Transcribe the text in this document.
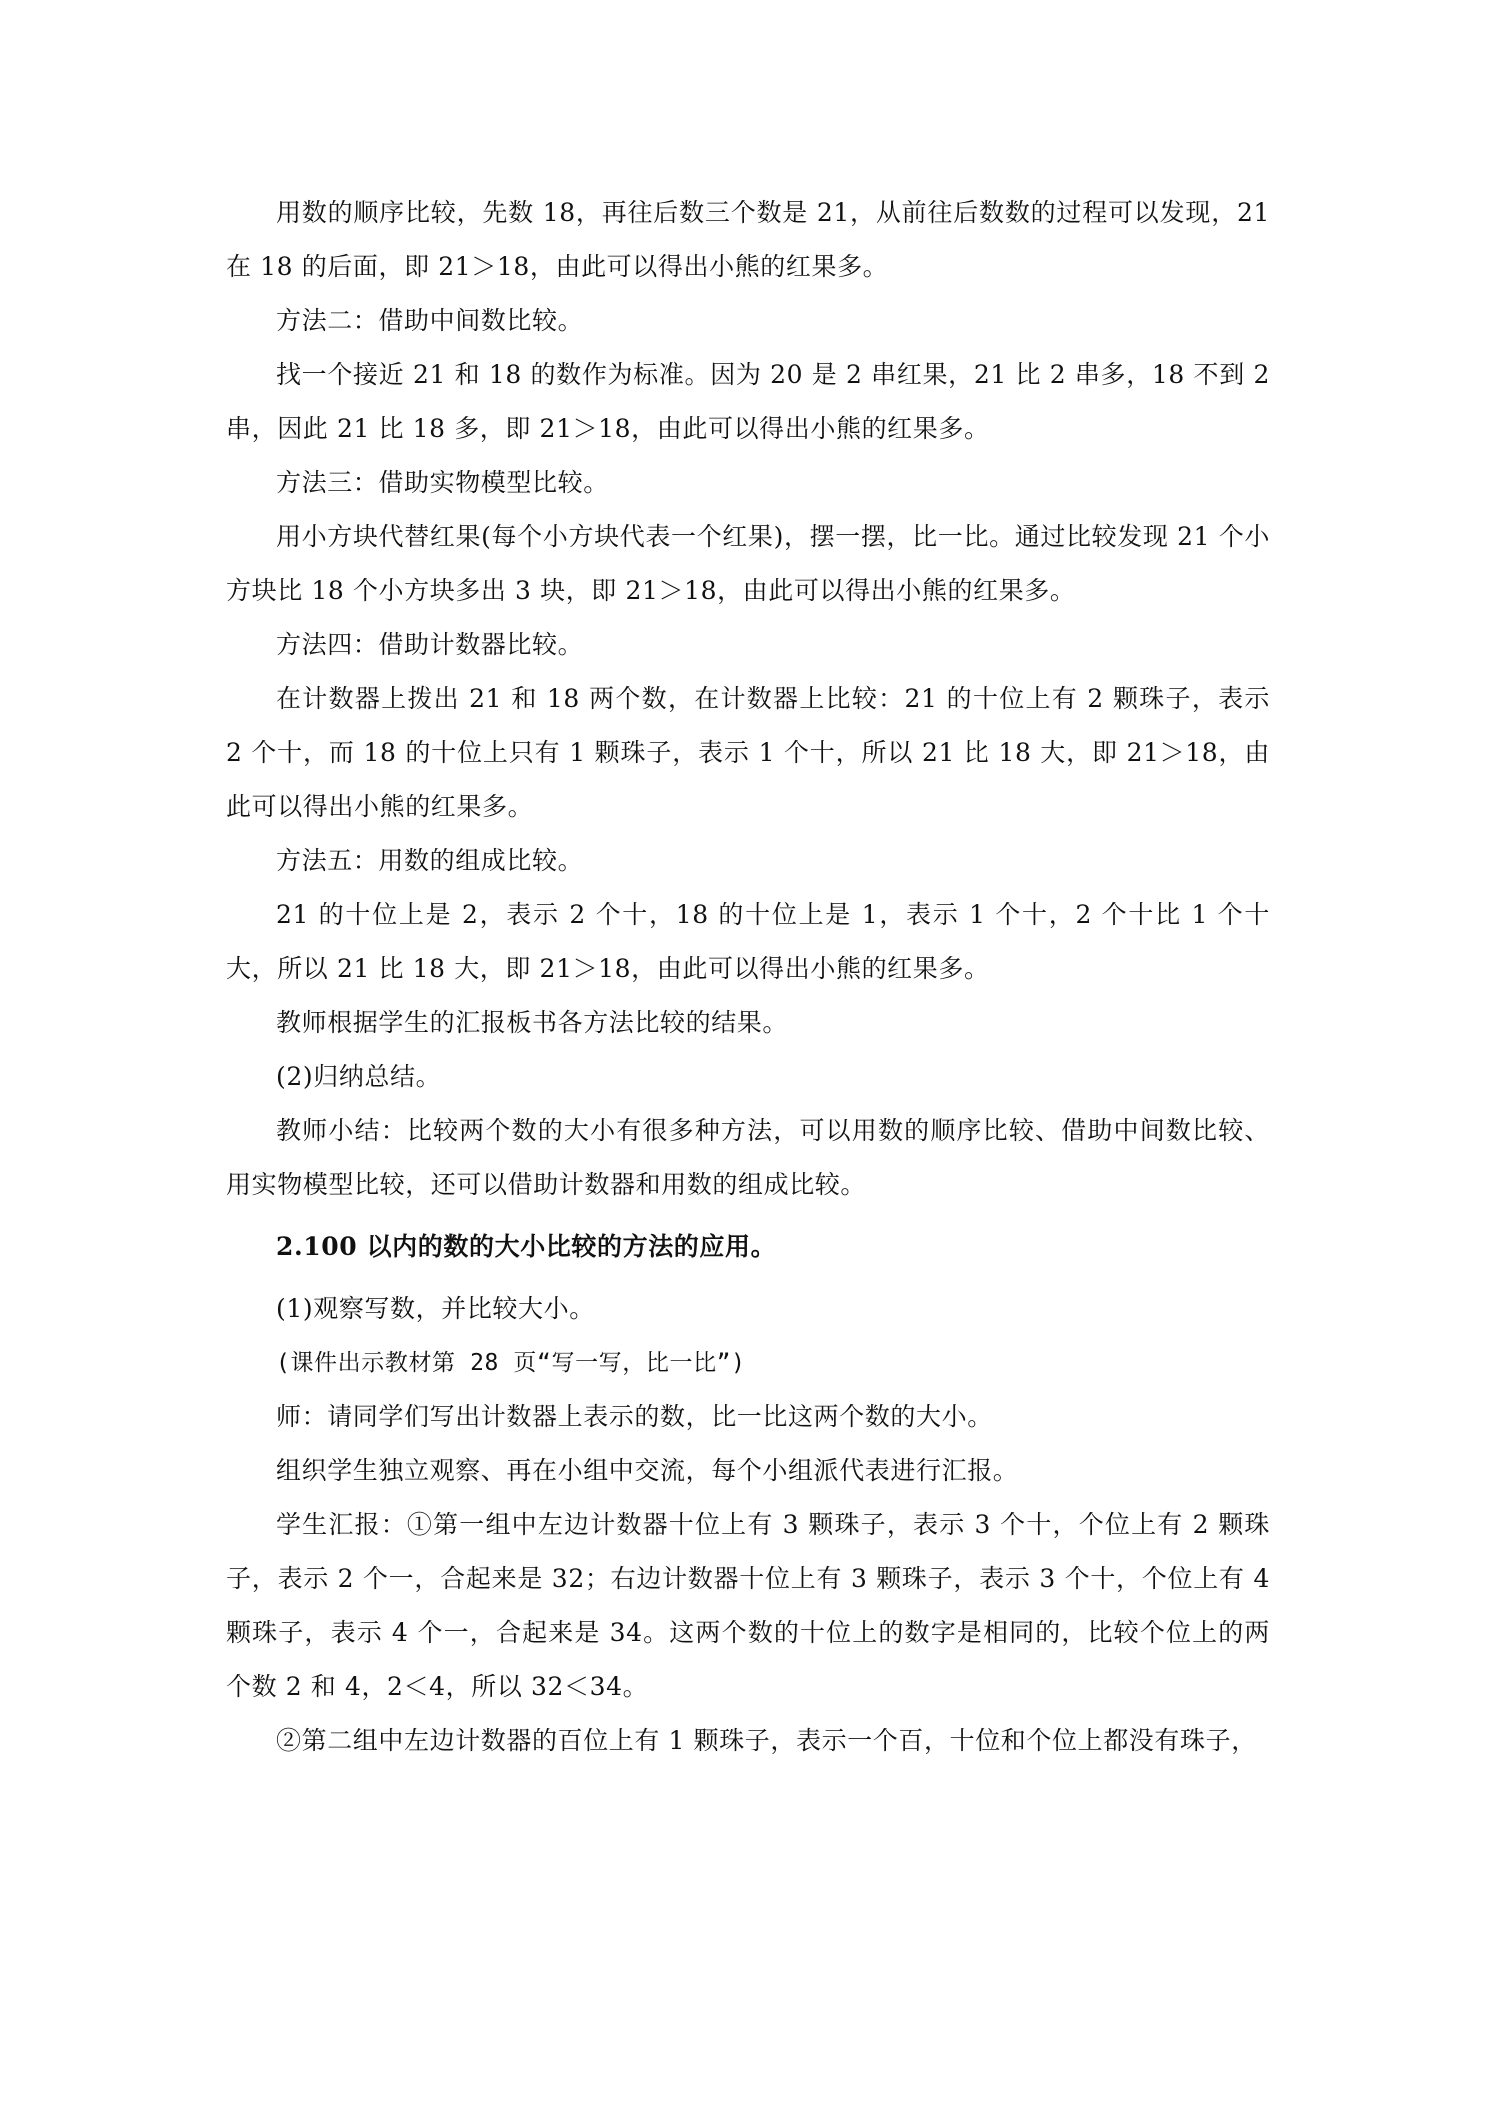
用数的顺序比较，先数 18，再往后数三个数是 21，从前往后数数的过程可以发现，21 在 18 的后面，即 21＞18，由此可以得出小熊的红果多。

方法二：借助中间数比较。

找一个接近 21 和 18 的数作为标准。因为 20 是 2 串红果，21 比 2 串多，18 不到 2 串，因此 21 比 18 多，即 21＞18，由此可以得出小熊的红果多。

方法三：借助实物模型比较。

用小方块代替红果(每个小方块代表一个红果)，摆一摆，比一比。通过比较发现 21 个小方块比 18 个小方块多出 3 块，即 21＞18，由此可以得出小熊的红果多。

方法四：借助计数器比较。

在计数器上拨出 21 和 18 两个数，在计数器上比较：21 的十位上有 2 颗珠子，表示 2 个十，而 18 的十位上只有 1 颗珠子，表示 1 个十，所以 21 比 18 大，即 21＞18，由此可以得出小熊的红果多。

方法五：用数的组成比较。

21 的十位上是 2，表示 2 个十，18 的十位上是 1，表示 1 个十，2 个十比 1 个十大，所以 21 比 18 大，即 21＞18，由此可以得出小熊的红果多。

教师根据学生的汇报板书各方法比较的结果。

(2)归纳总结。

教师小结：比较两个数的大小有很多种方法，可以用数的顺序比较、借助中间数比较、用实物模型比较，还可以借助计数器和用数的组成比较。

2.100 以内的数的大小比较的方法的应用。

(1)观察写数，并比较大小。

(课件出示教材第 28 页“写一写，比一比”)

师：请同学们写出计数器上表示的数，比一比这两个数的大小。

组织学生独立观察、再在小组中交流，每个小组派代表进行汇报。

学生汇报：①第一组中左边计数器十位上有 3 颗珠子，表示 3 个十，个位上有 2 颗珠子，表示 2 个一，合起来是 32；右边计数器十位上有 3 颗珠子，表示 3 个十，个位上有 4 颗珠子，表示 4 个一，合起来是 34。这两个数的十位上的数字是相同的，比较个位上的两个数 2 和 4，2＜4，所以 32＜34。

②第二组中左边计数器的百位上有 1 颗珠子，表示一个百，十位和个位上都没有珠子，
